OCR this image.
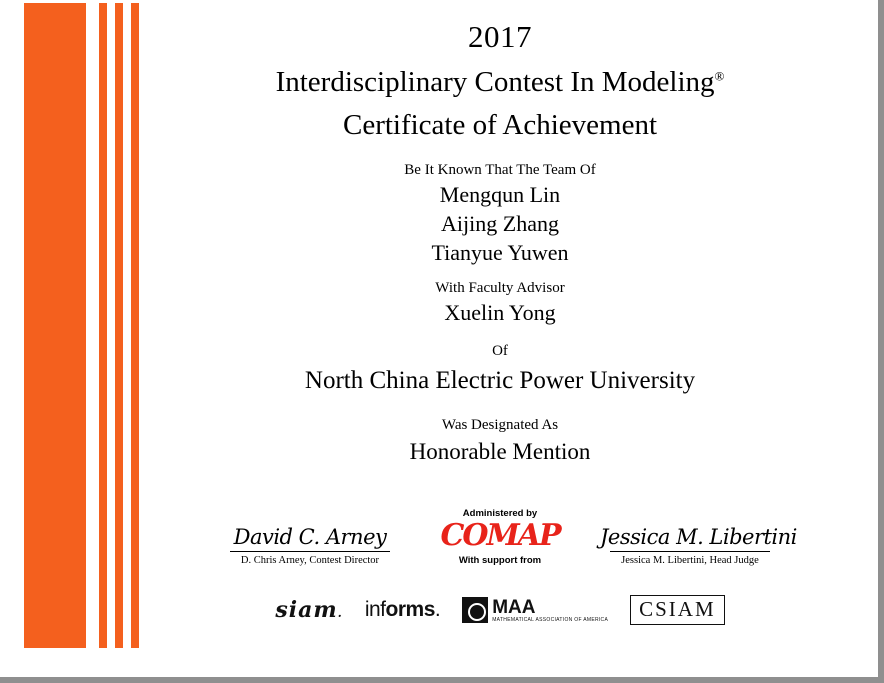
2017
Interdisciplinary Contest In Modeling®
Certificate of Achievement
Be It Known That The Team Of
Mengqun Lin
Aijing Zhang
Tianyue Yuwen
With Faculty Advisor
Xuelin Yong
Of
North China Electric Power University
Was Designated As
Honorable Mention
David C. Arney
D. Chris Arney, Contest Director
Administered by
COMAP
With support from
Jessica M. Libertini
Jessica M. Libertini, Head Judge
siam. informs.	MAA
MATHEMATICAL ASSOCIATION OF AMERICA	CSIAM
